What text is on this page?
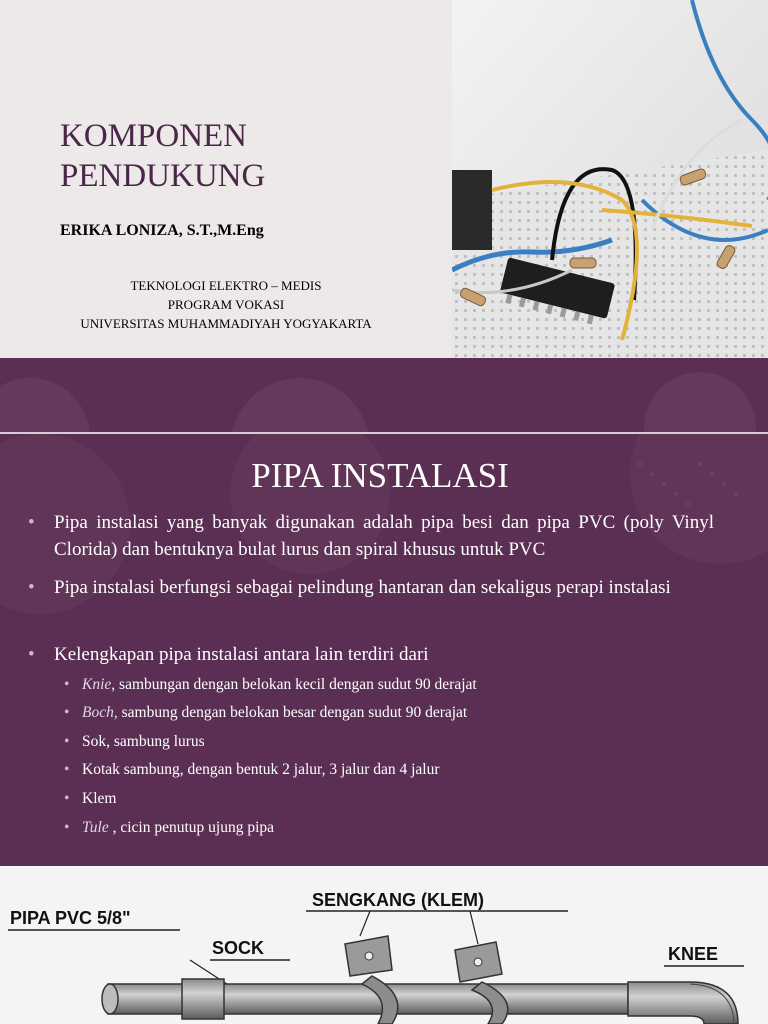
KOMPONEN PENDUKUNG

ERIKA LONIZA, S.T.,M.Eng

TEKNOLOGI ELEKTRO – MEDIS
PROGRAM VOKASI
UNIVERSITAS MUHAMMADIYAH YOGYAKARTA
PIPA INSTALASI
• Pipa instalasi yang banyak digunakan adalah pipa besi dan pipa PVC (poly Vinyl Clorida) dan bentuknya bulat lurus dan spiral khusus untuk PVC
• Pipa instalasi berfungsi sebagai pelindung hantaran dan sekaligus perapi instalasi
• Kelengkapan pipa instalasi antara lain terdiri dari
• Knie, sambungan dengan belokan kecil dengan sudut 90 derajat
• Boch, sambung dengan belokan besar dengan sudut 90 derajat
• Sok, sambung lurus
• Kotak sambung, dengan bentuk 2 jalur, 3 jalur dan 4 jalur
• Klem
• Tule , cicin penutup ujung pipa
PIPA PVC 5/8"
SENGKANG (KLEM)
SOCK	KNEE
